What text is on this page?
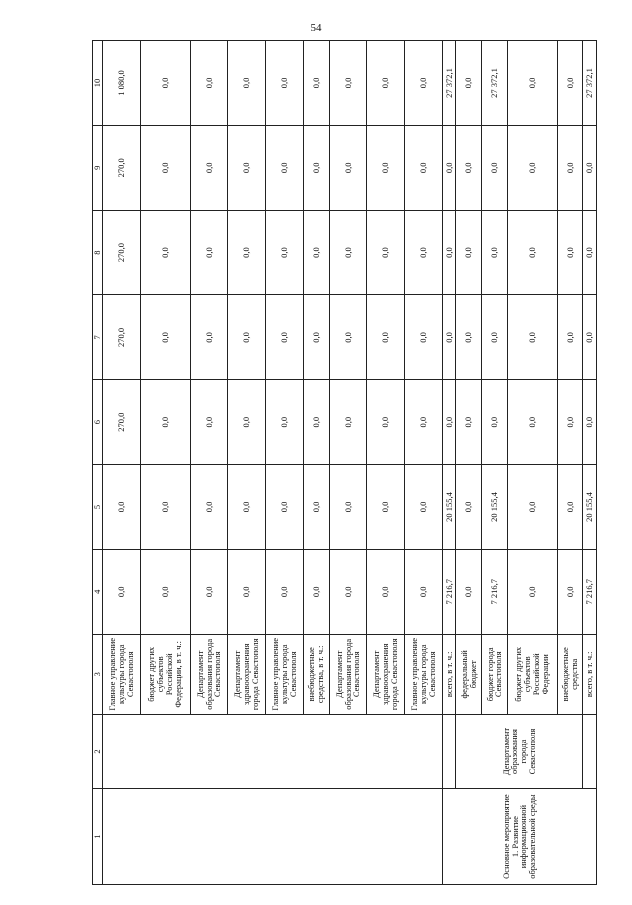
54
1	2	3	4	5	6	7	8	9	10
		Главное управление культуры города Севастополя	0,0	0,0	270,0	270,0	270,0	270,0	1 080,0
		бюджет других субъектов Российской Федерации, в т. ч.:	0,0	0,0	0,0	0,0	0,0	0,0	0,0
		Департамент образования города Севастополя	0,0	0,0	0,0	0,0	0,0	0,0	0,0
		Департамент здравоохранения города Севастополя	0,0	0,0	0,0	0,0	0,0	0,0	0,0
		Главное управление культуры города Севастополя	0,0	0,0	0,0	0,0	0,0	0,0	0,0
		внебюджетные средства, в т. ч.:	0,0	0,0	0,0	0,0	0,0	0,0	0,0
		Департамент образования города Севастополя	0,0	0,0	0,0	0,0	0,0	0,0	0,0
		Департамент здравоохранения города Севастополя	0,0	0,0	0,0	0,0	0,0	0,0	0,0
		Главное управление культуры города Севастополя	0,0	0,0	0,0	0,0	0,0	0,0	0,0
Основное мероприятие 1. Развитие информационной образовательной среды		всего, в т. ч.:	7 216,7	20 155,4	0,0	0,0	0,0	0,0	27 372,1
	Департамент образования города Севастополя	федеральный бюджет	0,0	0,0	0,0	0,0	0,0	0,0	0,0
		бюджет города Севастополя	7 216,7	20 155,4	0,0	0,0	0,0	0,0	27 372,1
		бюджет других субъектов Российской Федерации	0,0	0,0	0,0	0,0	0,0	0,0	0,0
		внебюджетные средства	0,0	0,0	0,0	0,0	0,0	0,0	0,0
		всего, в т. ч.:	7 216,7	20 155,4	0,0	0,0	0,0	0,0	27 372,1
